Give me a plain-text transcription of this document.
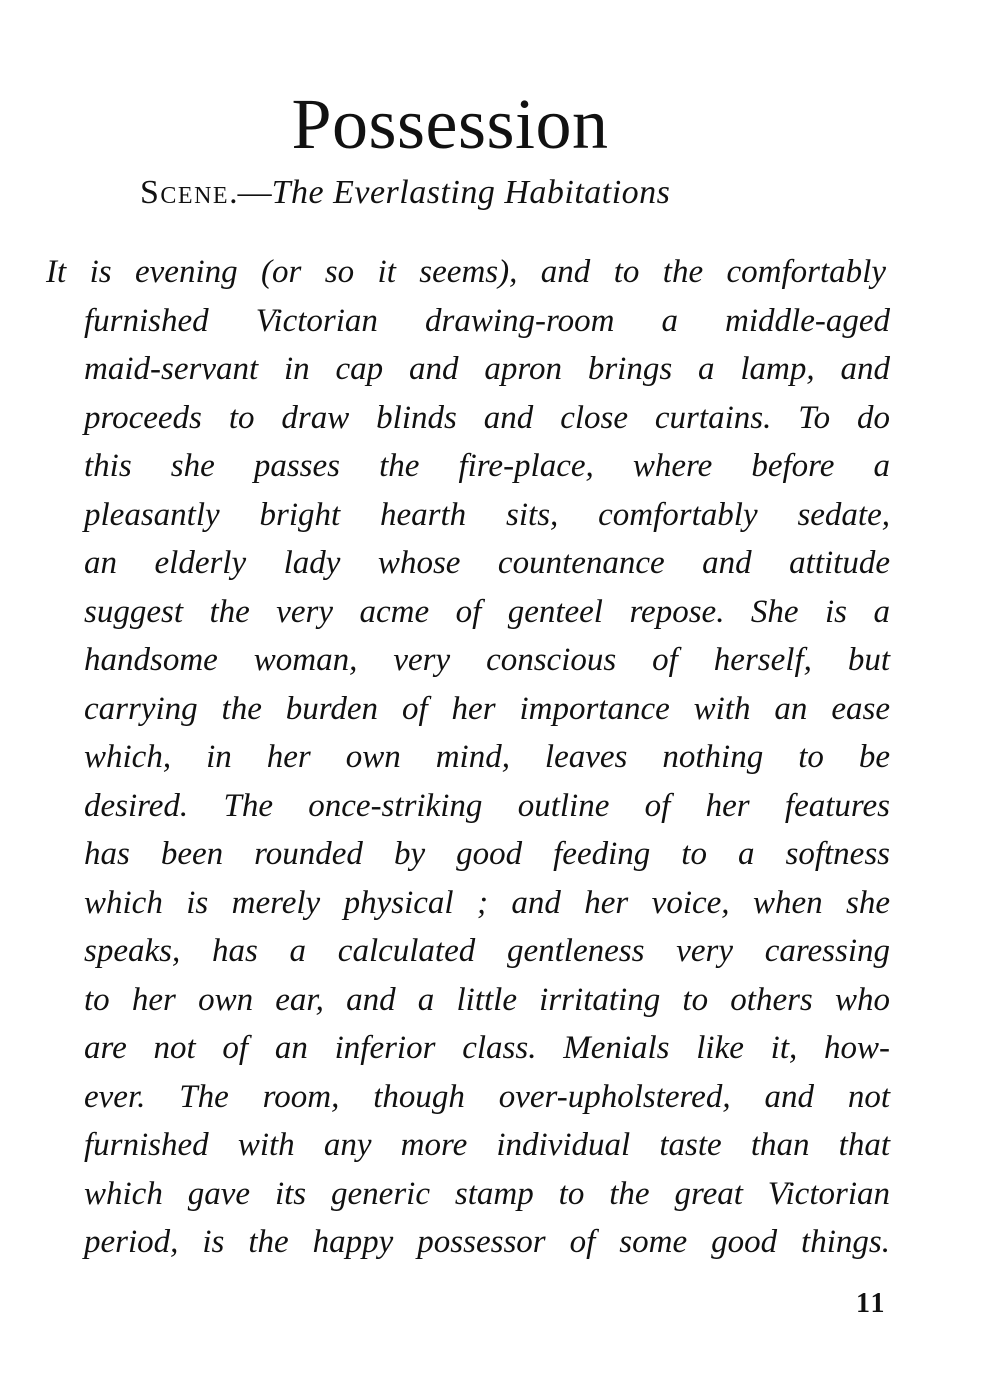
Possession
Scene.—The Everlasting Habitations
It is evening (or so it seems), and to the comfortably
furnished Victorian drawing-room a middle-aged
maid-servant in cap and apron brings a lamp, and
proceeds to draw blinds and close curtains. To do
this she passes the fire-place, where before a
pleasantly bright hearth sits, comfortably sedate,
an elderly lady whose countenance and attitude
suggest the very acme of genteel repose. She is a
handsome woman, very conscious of herself, but
carrying the burden of her importance with an ease
which, in her own mind, leaves nothing to be
desired. The once-striking outline of her features
has been rounded by good feeding to a softness
which is merely physical ; and her voice, when she
speaks, has a calculated gentleness very caressing
to her own ear, and a little irritating to others who
are not of an inferior class. Menials like it, how-
ever. The room, though over-upholstered, and not
furnished with any more individual taste than that
which gave its generic stamp to the great Victorian
period, is the happy possessor of some good things.
11
